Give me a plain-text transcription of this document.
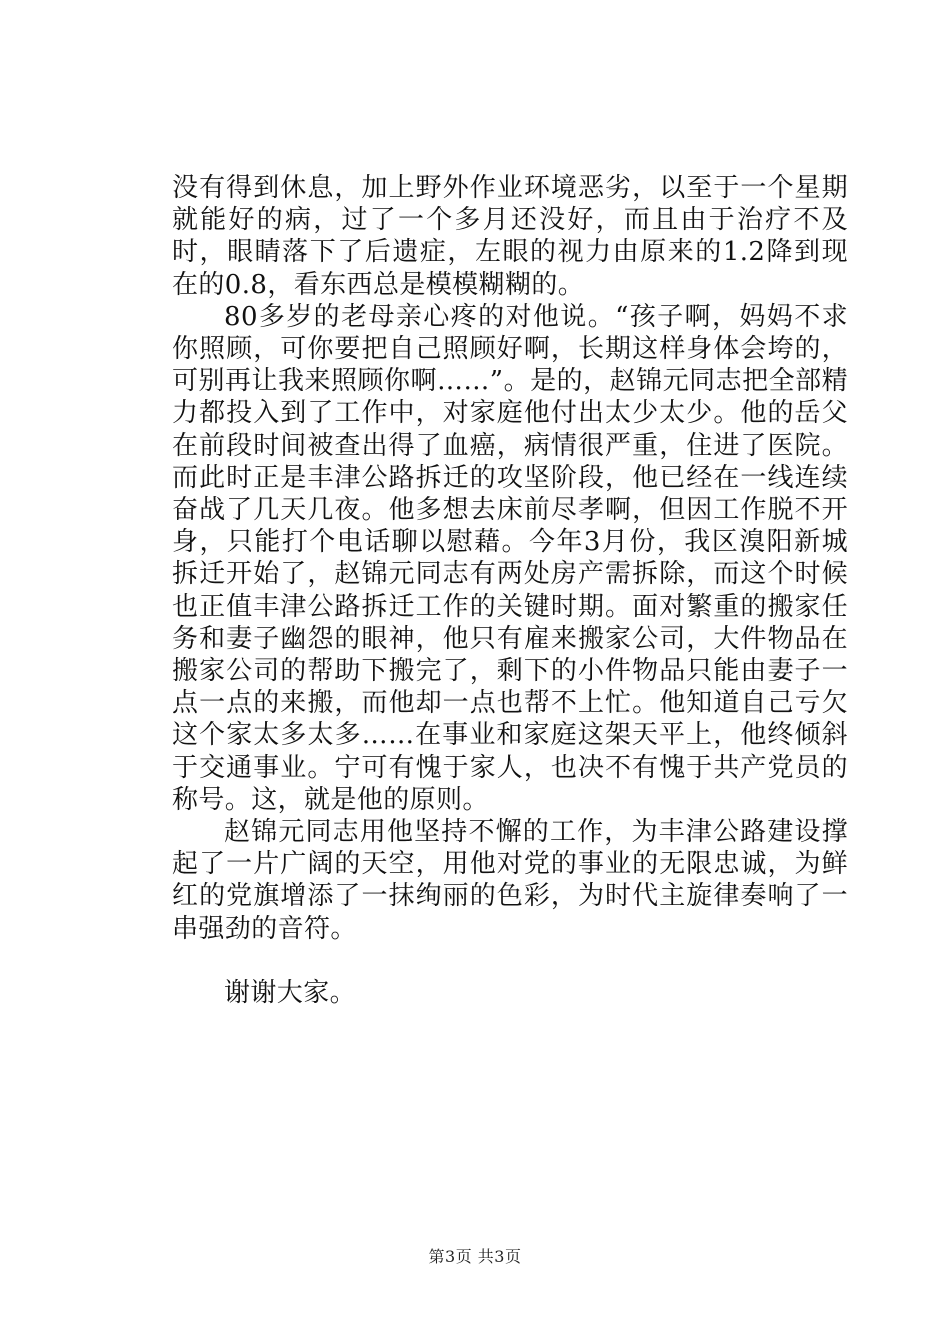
没有得到休息，加上野外作业环境恶劣，以至于一个星期就能好的病，过了一个多月还没好，而且由于治疗不及时，眼睛落下了后遗症，左眼的视力由原来的1.2降到现在的0.8，看东西总是模模糊糊的。

80多岁的老母亲心疼的对他说。“孩子啊，妈妈不求你照顾，可你要把自己照顾好啊，长期这样身体会垮的，可别再让我来照顾你啊……”。是的，赵锦元同志把全部精力都投入到了工作中，对家庭他付出太少太少。他的岳父在前段时间被查出得了血癌，病情很严重，住进了医院。而此时正是丰津公路拆迁的攻坚阶段，他已经在一线连续奋战了几天几夜。他多想去床前尽孝啊，但因工作脱不开身，只能打个电话聊以慰藉。今年3月份，我区溴阳新城拆迁开始了，赵锦元同志有两处房产需拆除，而这个时候也正值丰津公路拆迁工作的关键时期。面对繁重的搬家任务和妻子幽怨的眼神，他只有雇来搬家公司，大件物品在搬家公司的帮助下搬完了，剩下的小件物品只能由妻子一点一点的来搬，而他却一点也帮不上忙。他知道自己亏欠这个家太多太多……在事业和家庭这架天平上，他终倾斜于交通事业。宁可有愧于家人，也决不有愧于共产党员的称号。这，就是他的原则。

赵锦元同志用他坚持不懈的工作，为丰津公路建设撑起了一片广阔的天空，用他对党的事业的无限忠诚，为鲜红的党旗增添了一抹绚丽的色彩，为时代主旋律奏响了一串强劲的音符。

谢谢大家。

第3页 共3页
